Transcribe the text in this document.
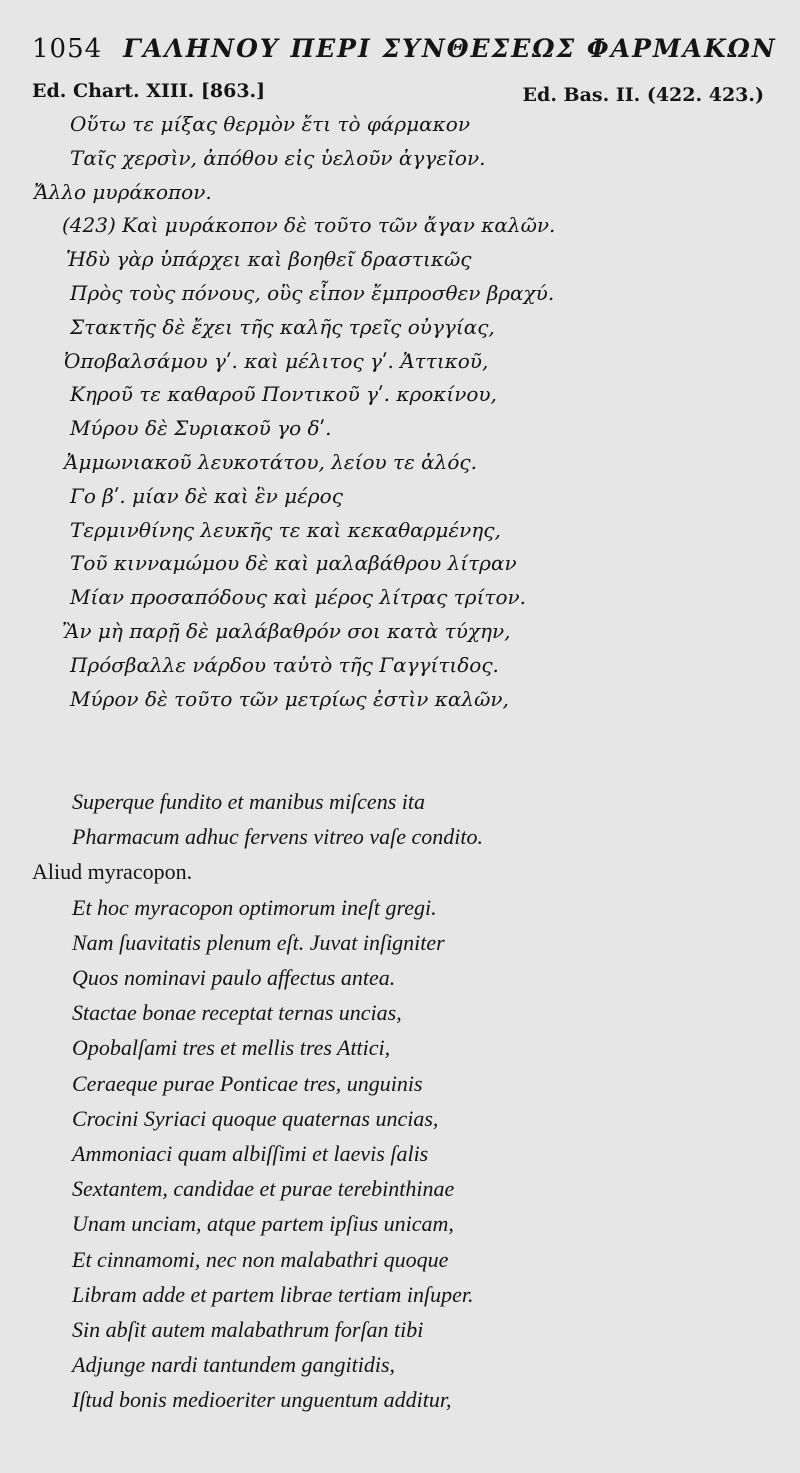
1054 ΓΑΛΗΝΟΥ ΠΕΡΙ ΣΥΝΘΕΣΕΩΣ ΦΑΡΜΑΚΩΝ
Ed. Chart. XIII. [863.]	Ed. Bas. II. (422. 423.)
Οὕτω τε μίξας θερμὸν ἔτι τὸ φάρμακον
Ταῖς χερσὶν, ἀπόθου εἰς ὑελοῦν ἀγγεῖον.
Ἄλλο μυράκοπον.
(423) Καὶ μυράκοπον δὲ τοῦτο τῶν ἄγαν καλῶν.
Ἡδὺ γὰρ ὑπάρχει καὶ βοηθεῖ δραστικῶς
Πρὸς τοὺς πόνους, οὓς εἶπον ἔμπροσθεν βραχύ.
Στακτῆς δὲ ἔχει τῆς καλῆς τρεῖς οὐγγίας,
Ὀποβαλσάμου γʹ. καὶ μέλιτος γʹ. Ἀττικοῦ,
Κηροῦ τε καθαροῦ Ποντικοῦ γʹ. κροκίνου,
Μύρου δὲ Συριακοῦ γο δʹ.
Ἀμμωνιακοῦ λευκοτάτου, λείου τε ἁλός.
Γο βʹ. μίαν δὲ καὶ ἓν μέρος
Τερμινθίνης λευκῆς τε καὶ κεκαθαρμένης,
Τοῦ κινναμώμου δὲ καὶ μαλαβάθρου λίτραν
Μίαν προσαπόδους καὶ μέρος λίτρας τρίτον.
Ἂν μὴ παρῇ δὲ μαλάβαθρόν σοι κατὰ τύχην,
Πρόσβαλλε νάρδου ταὐτὸ τῆς Γαγγίτιδος.
Μύρον δὲ τοῦτο τῶν μετρίως ἐστὶν καλῶν,
Superque fundito et manibus miſcens ita
Pharmacum adhuc fervens vitreo vaſe condito.
Aliud myracopon.
Et hoc myracopon optimorum ineſt gregi.
Nam ſuavitatis plenum eſt. Juvat inſigniter
Quos nominavi paulo affectus antea.
Stactae bonae receptat ternas uncias,
Opobalſami tres et mellis tres Attici,
Ceraeque purae Ponticae tres, unguinis
Crocini Syriaci quoque quaternas uncias,
Ammoniaci quam albiſſimi et laevis ſalis
Sextantem, candidae et purae terebinthinae
Unam unciam, atque partem ipſius unicam,
Et cinnamomi, nec non malabathri quoque
Libram adde et partem librae tertiam inſuper.
Sin abſit autem malabathrum forſan tibi
Adjunge nardi tantundem gangitidis,
Iſtud bonis medioeriter unguentum additur,
